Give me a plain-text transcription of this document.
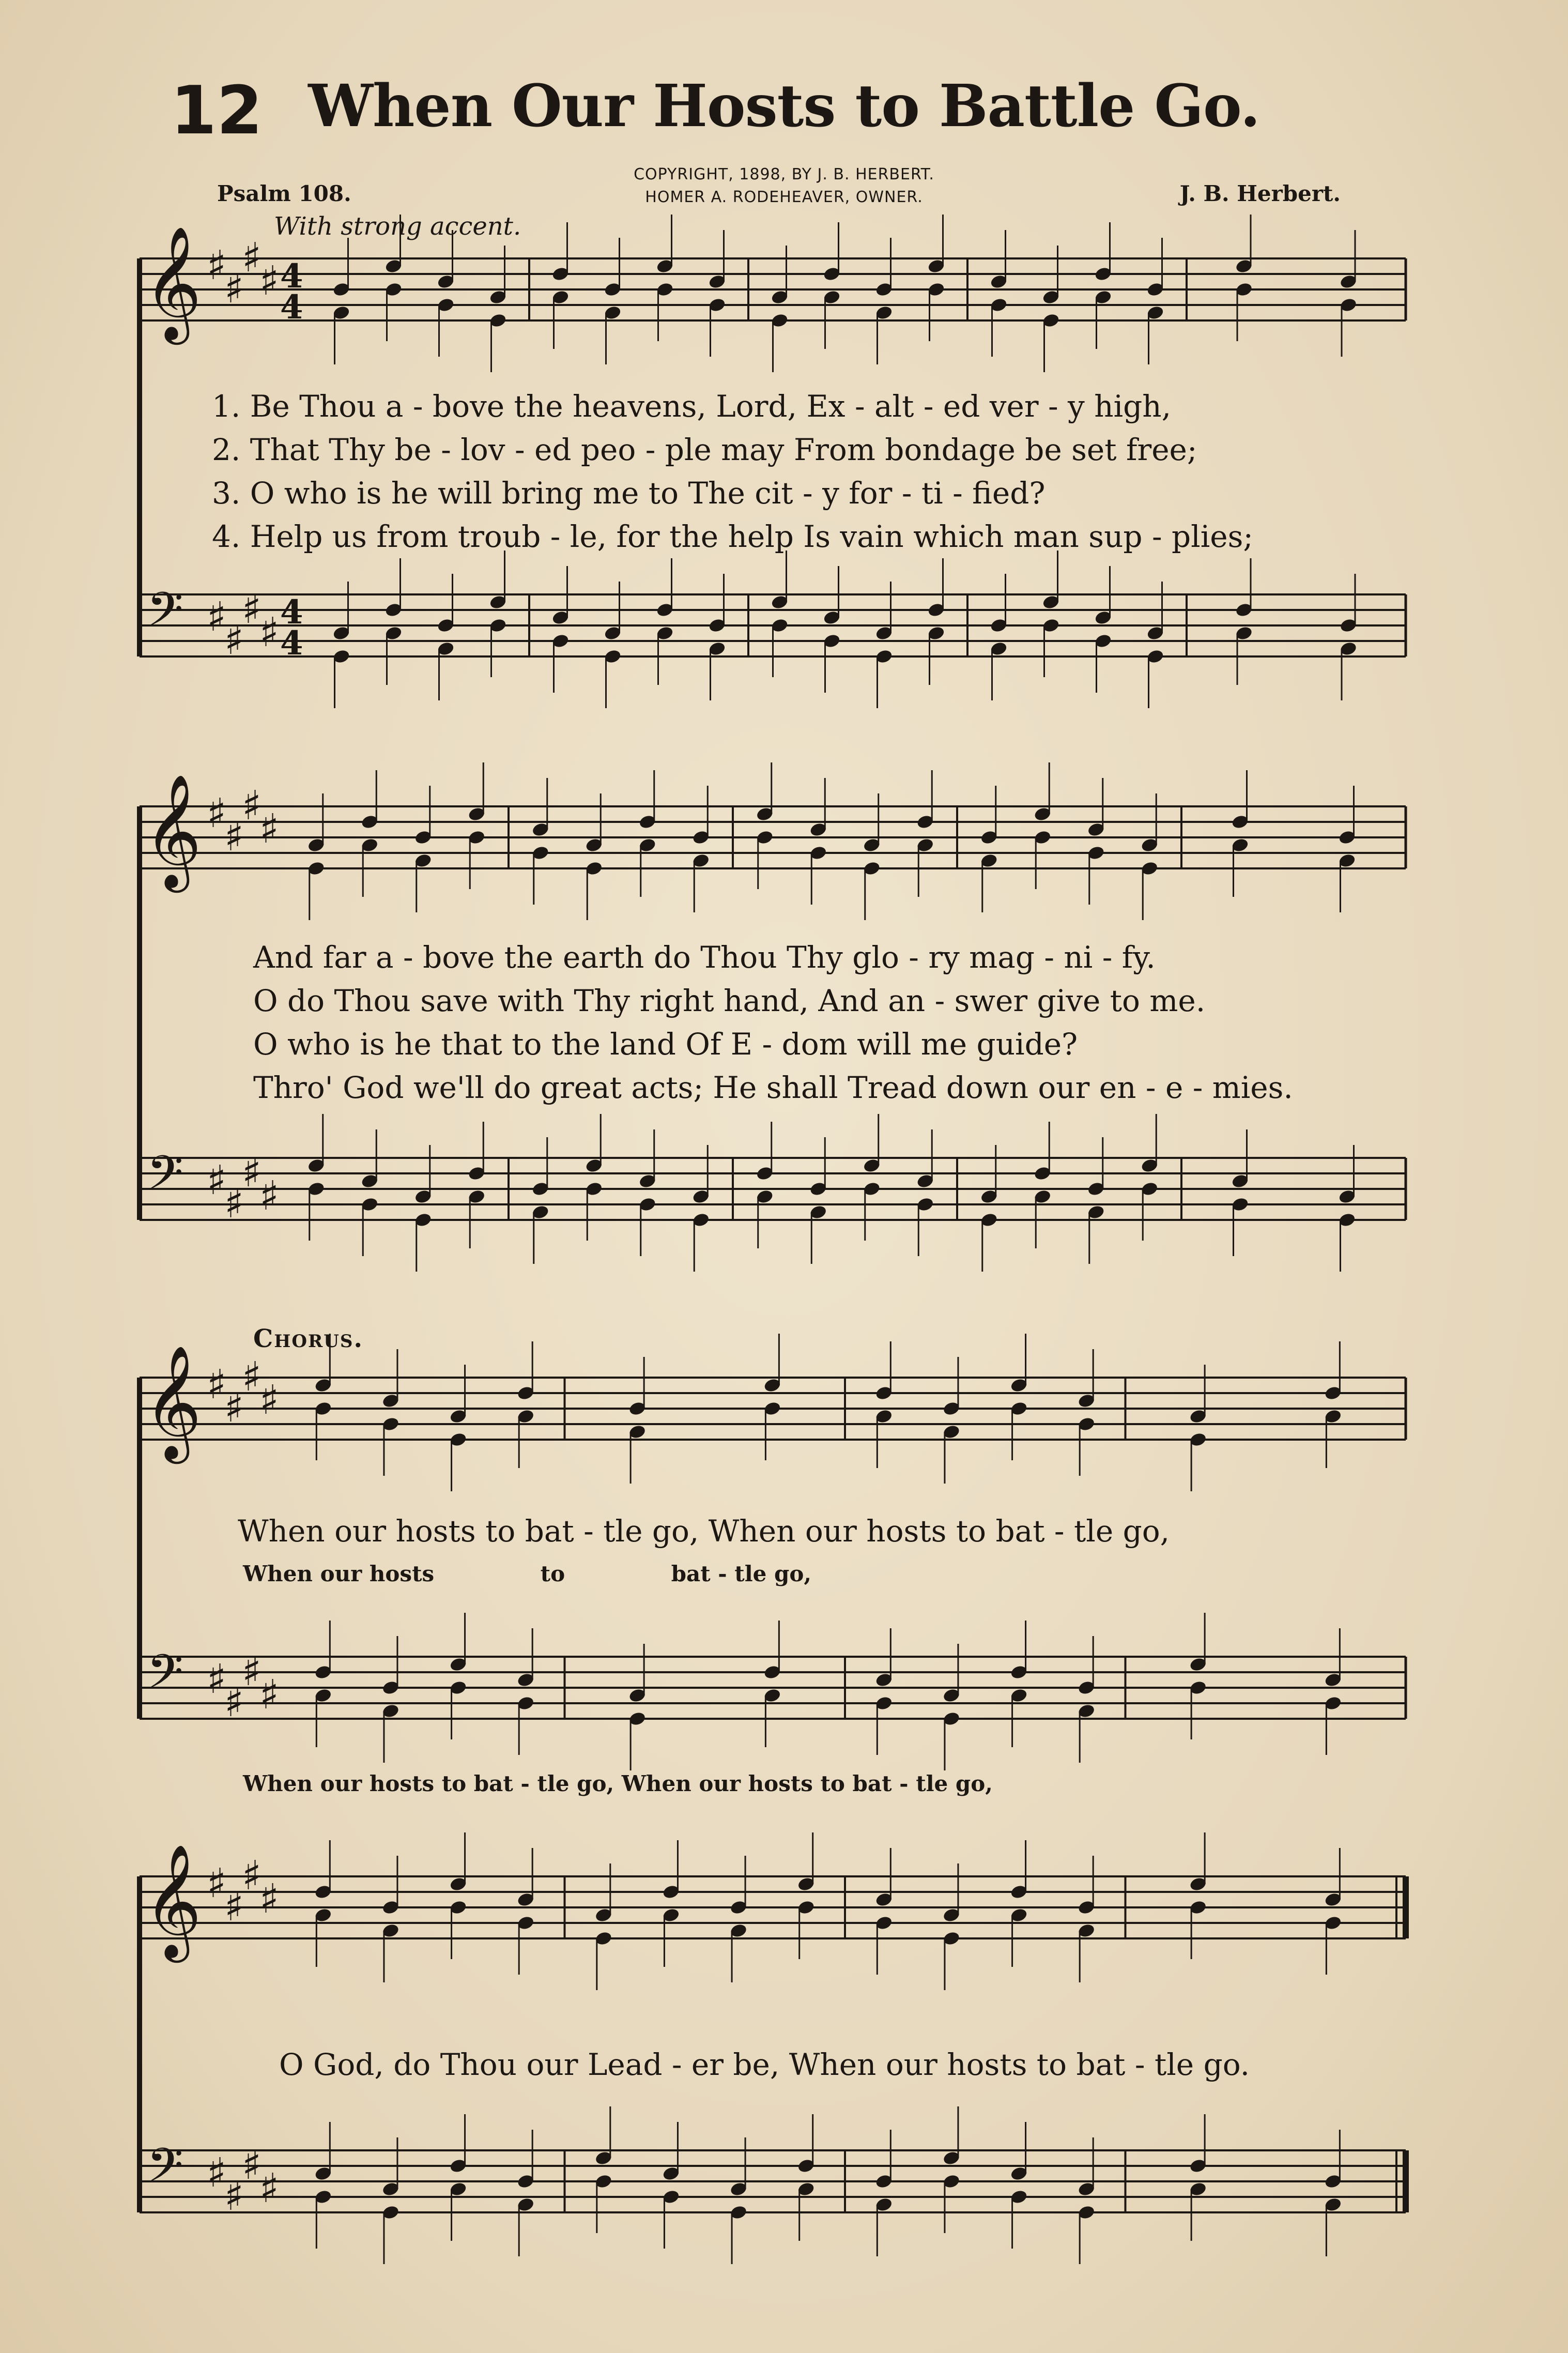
12 When Our Hosts to Battle Go.
COPYRIGHT, 1898, BY J. B. HERBERT.
HOMER A. RODEHEAVER, OWNER.
Psalm 108.	J. B. Herbert.
With strong accent.
Chorus.
𝄞
𝄢
♯
♯
♯
♯
♯
♯
♯
♯
4
4
4
4
𝄞
𝄢
♯
♯
♯
♯
♯
♯
♯
♯
𝄞
𝄢
♯
♯
♯
♯
♯
♯
♯
♯
𝄞
𝄢
♯
♯
♯
♯
♯
♯
♯
♯
1. Be Thou a - bove the heavens, Lord, Ex - alt - ed ver - y high,
2. That Thy be - lov - ed peo - ple may From bondage be set free;
3. O who is he will bring me to The cit - y for - ti - fied?
4. Help us from troub - le, for the help Is vain which man sup - plies;
And far a - bove the earth do Thou Thy glo - ry mag - ni - fy.
O do Thou save with Thy right hand, And an - swer give to me.
O who is he that to the land Of E - dom will me guide?
Thro' God we'll do great acts; He shall Tread down our en - e - mies.
When our hosts to bat - tle go, When our hosts to bat - tle go,
When our hosts	to	bat - tle go,
When our hosts to bat - tle go, When our hosts to bat - tle go,
O God, do Thou our Lead - er be, When our hosts to bat - tle go.
